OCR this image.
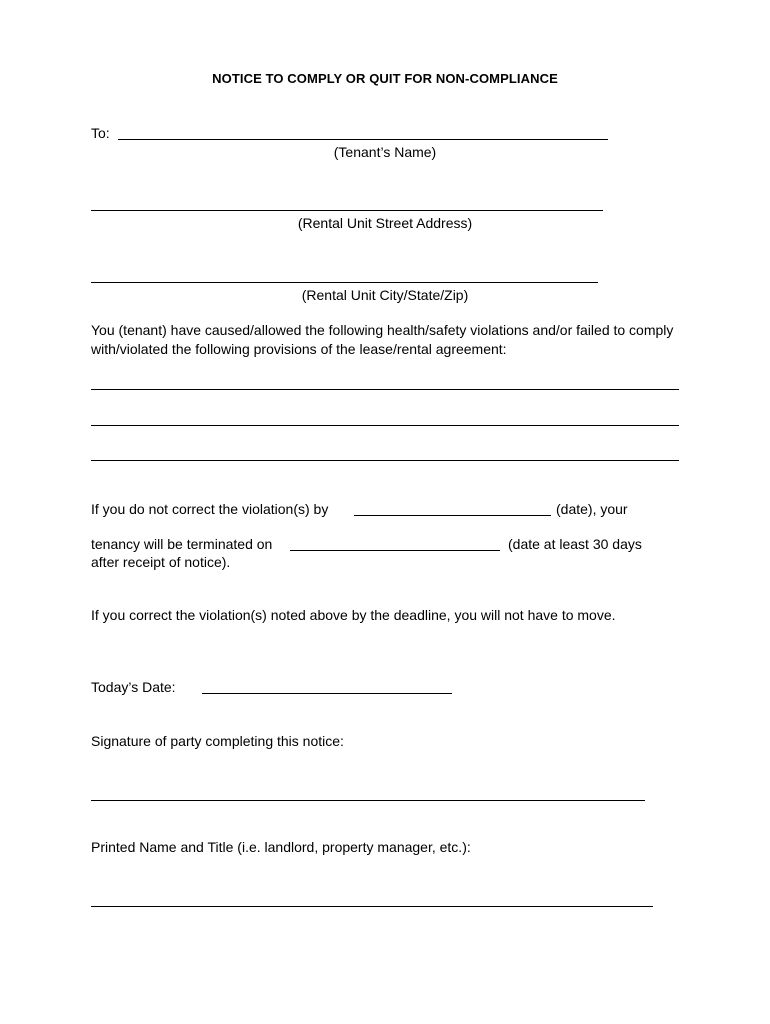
NOTICE TO COMPLY OR QUIT FOR NON-COMPLIANCE
To:
(Tenant’s Name)
(Rental Unit Street Address)
(Rental Unit City/State/Zip)
You (tenant) have caused/allowed the following health/safety violations and/or failed to comply with/violated the following provisions of the lease/rental agreement:
If you do not correct the violation(s) by	(date), your
tenancy will be terminated on	(date at least 30 days
after receipt of notice).
If you correct the violation(s) noted above by the deadline, you will not have to move.
Today’s Date:
Signature of party completing this notice:
Printed Name and Title (i.e. landlord, property manager, etc.):
